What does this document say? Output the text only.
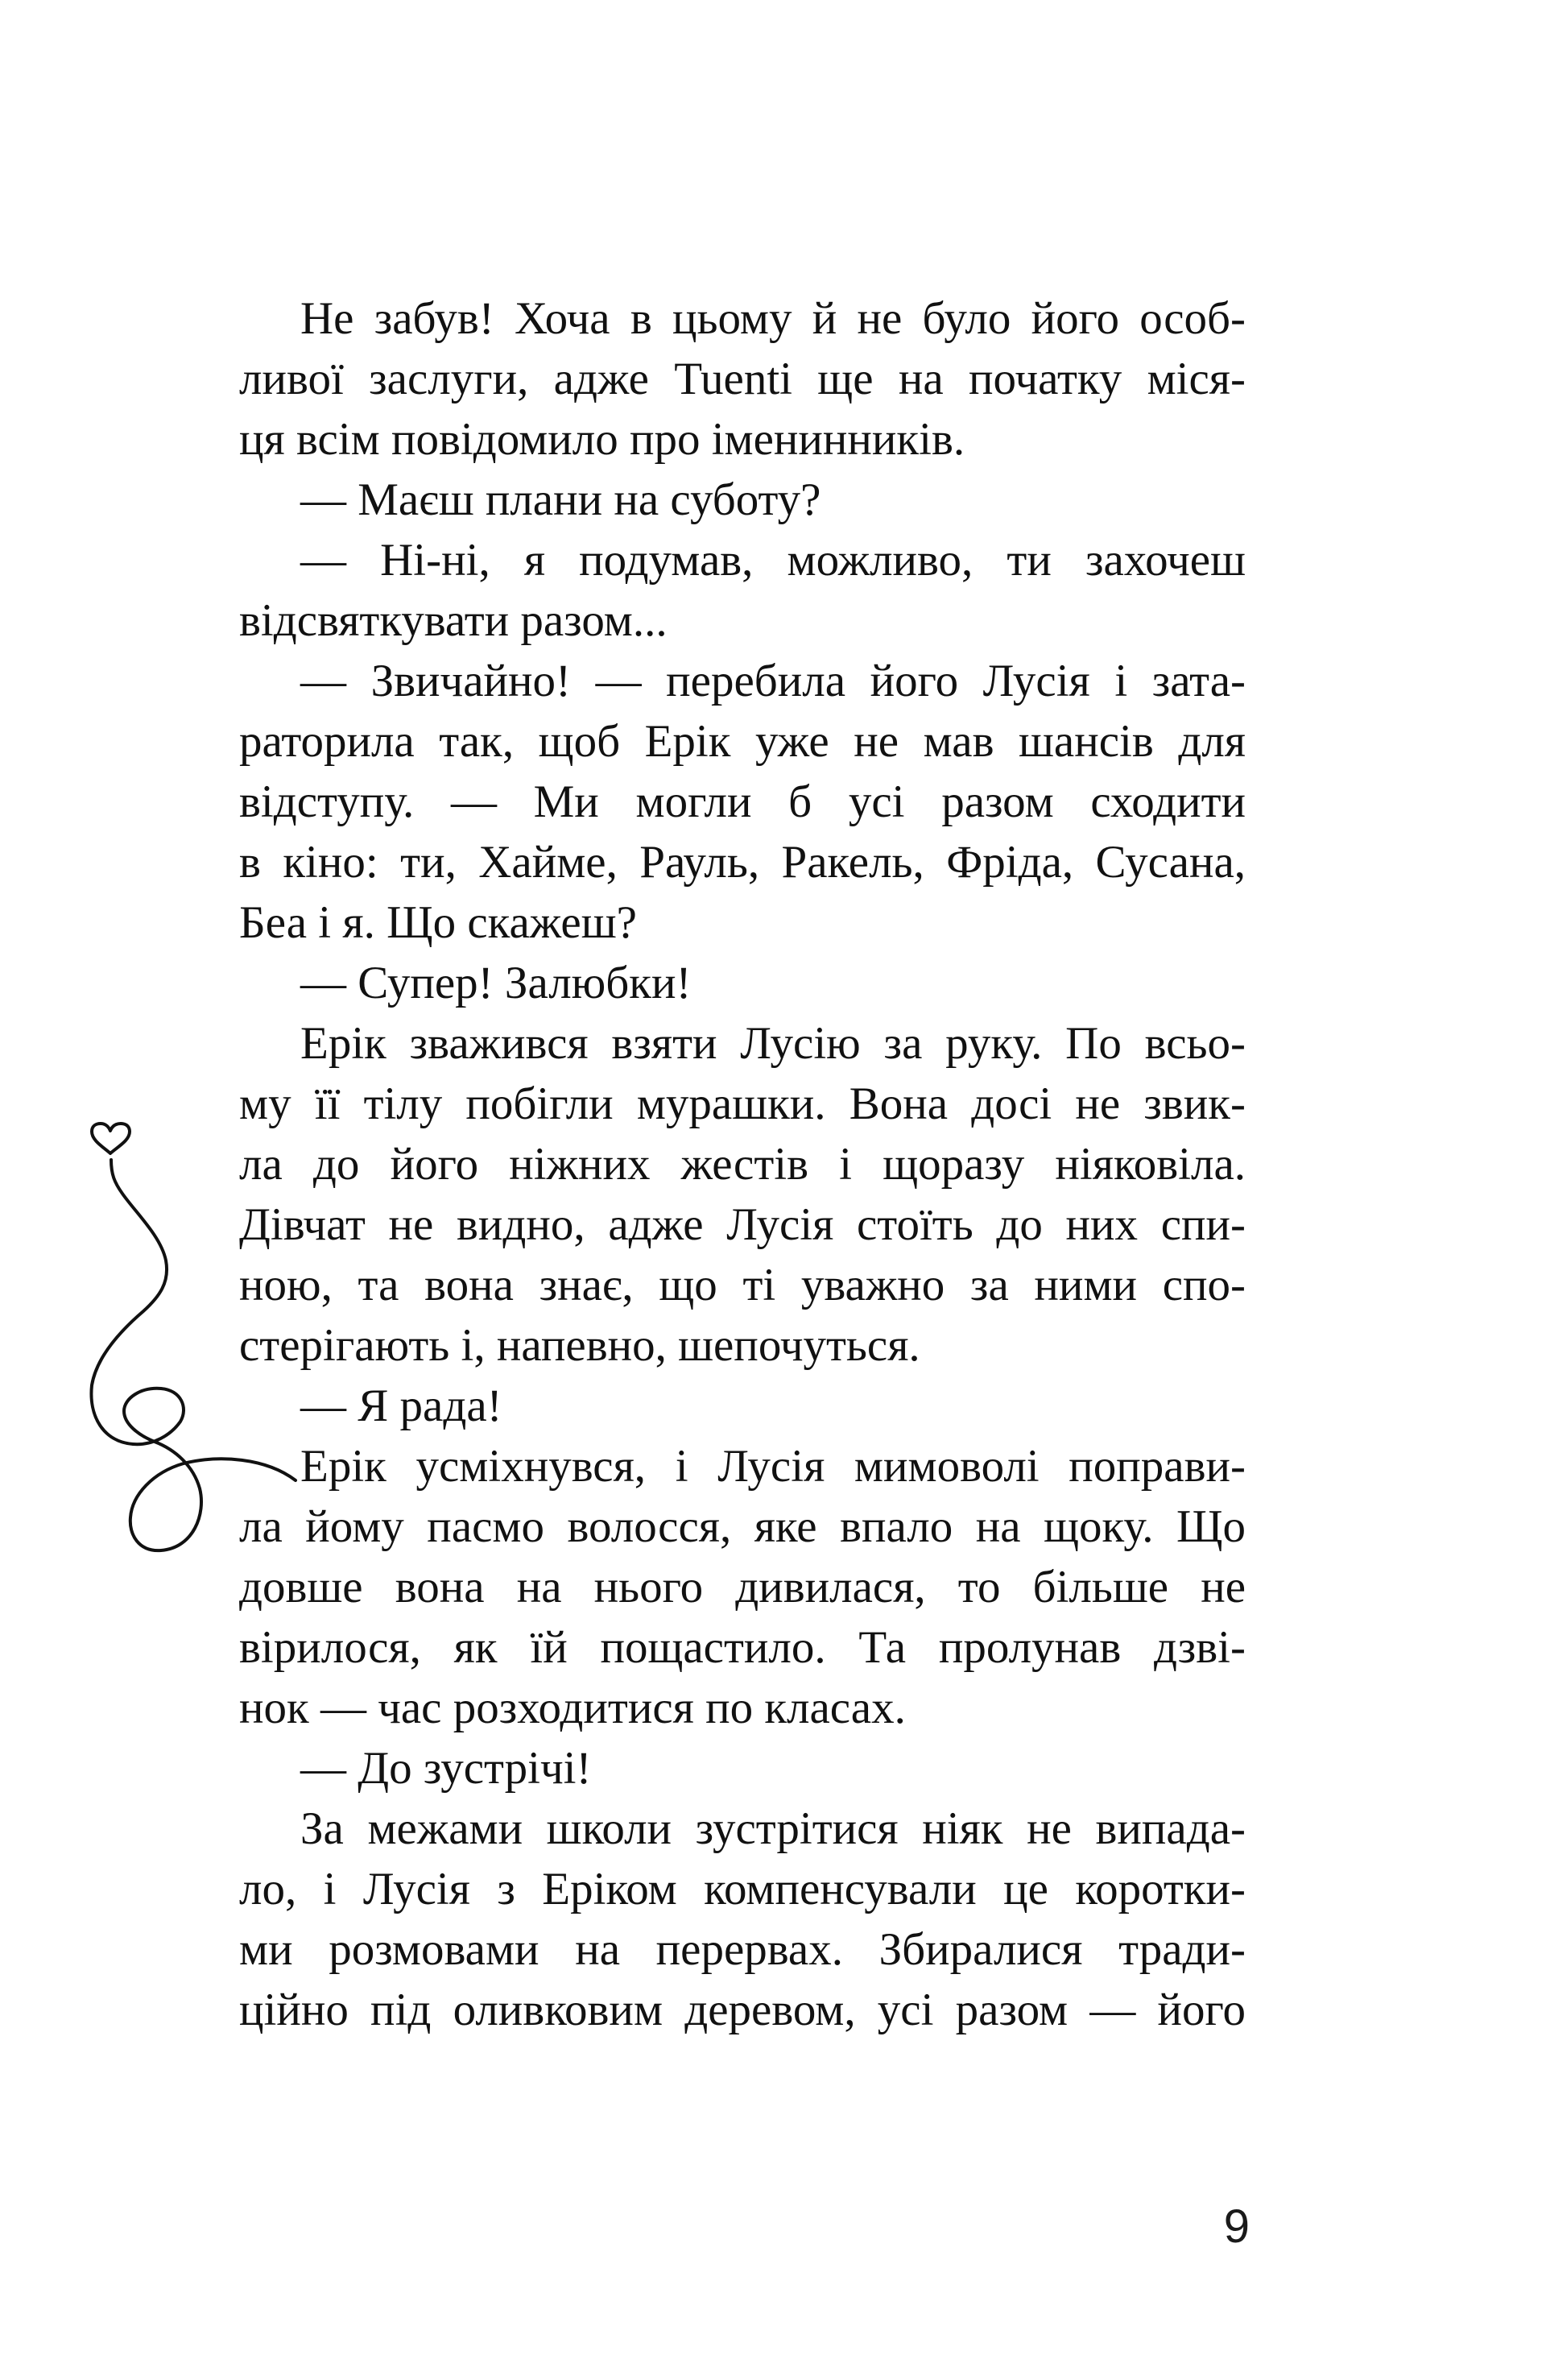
Не забув! Хоча в цьому й не було його особ-
ливої заслуги, адже Tuenti ще на початку міся-
ця всім повідомило про іменинників.
— Маєш плани на суботу?
— Ні-ні, я подумав, можливо, ти захочеш
відсвяткувати разом...
— Звичайно! — перебила його Лусія і зата-
раторила так, щоб Ерік уже не мав шансів для
відступу. — Ми могли б усі разом сходити
в кіно: ти, Хайме, Рауль, Ракель, Фріда, Сусана,
Беа і я. Що скажеш?
— Супер! Залюбки!
Ерік зважився взяти Лусію за руку. По всьо-
му її тілу побігли мурашки. Вона досі не звик-
ла до його ніжних жестів і щоразу ніяковіла.
Дівчат не видно, адже Лусія стоїть до них спи-
ною, та вона знає, що ті уважно за ними спо-
стерігають і, напевно, шепочуться.
— Я рада!
Ерік усміхнувся, і Лусія мимоволі поправи-
ла йому пасмо волосся, яке впало на щоку. Що
довше вона на нього дивилася, то більше не
вірилося, як їй пощастило. Та пролунав дзві-
нок — час розходитися по класах.
— До зустрічі!
За межами школи зустрітися ніяк не випада-
ло, і Лусія з Еріком компенсували це коротки-
ми розмовами на перервах. Збиралися тради-
ційно під оливковим деревом, усі разом — його
9
